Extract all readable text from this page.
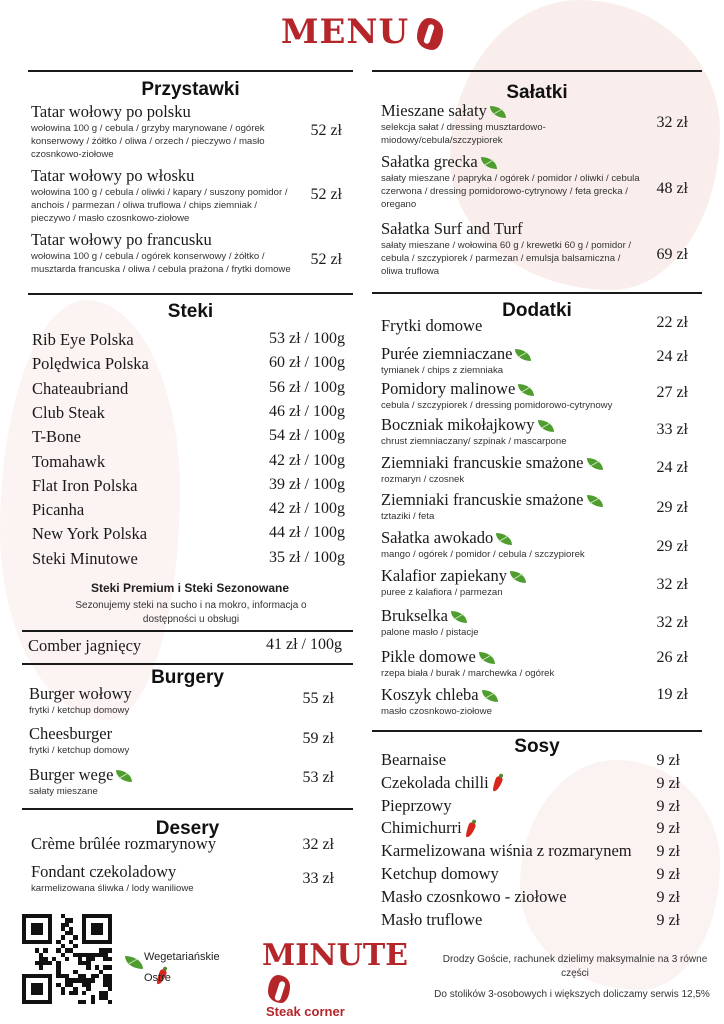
MENU
Przystawki
Tatar wołowy po polsku
wołowina 100 g / cebula / grzyby marynowane / ogórek konserwowy / żółtko / oliwa / orzech / pieczywo / masło czosnkowo-ziołowe
52 zł
Tatar wołowy po włosku
wołowina 100 g / cebula / oliwki / kapary / suszony pomidor / anchois / parmezan / oliwa truflowa / chips ziemniak / pieczywo / masło czosnkowo-ziołowe
52 zł
Tatar wołowy po francusku
wołowina 100 g / cebula / ogórek konserwowy / żółtko / musztarda francuska / oliwa / cebula prażona / frytki domowe
52 zł
Steki
Rib Eye Polska	53 zł / 100g
Polędwica Polska	60 zł / 100g
Chateaubriand	56 zł / 100g
Club Steak	46 zł / 100g
T-Bone	54 zł / 100g
Tomahawk	42 zł / 100g
Flat Iron Polska	39 zł / 100g
Picanha	42 zł / 100g
New York Polska	44 zł / 100g
Steki Minutowe	35 zł / 100g
Steki Premium i Steki Sezonowane
Sezonujemy steki na sucho i na mokro, informacja o dostępności u obsługi
Comber jagnięcy	41 zł / 100g
Burgery
Burger wołowy
frytki / ketchup domowy
55 zł
Cheesburger
frytki / ketchup domowy
59 zł
Burger wege
sałaty mieszane
53 zł
Desery
Crème brûlée rozmarynowy	32 zł
Fondant czekoladowy
karmelizowana śliwka / lody waniliowe
33 zł
Sałatki
Mieszane sałaty
selekcja sałat / dressing musztardowo-miodowy/cebula/szczypiorek
32 zł
Sałatka grecka
sałaty mieszane / papryka / ogórek / pomidor / oliwki / cebula czerwona / dressing pomidorowo-cytrynowy / feta grecka / oregano
48 zł
Sałatka Surf and Turf
sałaty mieszane / wołowina 60 g / krewetki 60 g / pomidor / cebula / szczypiorek / parmezan / emulsja balsamiczna / oliwa truflowa
69 zł
Dodatki
Frytki domowe	22 zł
Purée ziemniaczane
tymianek / chips z ziemniaka
24 zł
Pomidory malinowe
cebula / szczypiorek / dressing pomidorowo-cytrynowy
27 zł
Boczniak mikołajkowy
chrust ziemniaczany/ szpinak / mascarpone
33 zł
Ziemniaki francuskie smażone
rozmaryn / czosnek
24 zł
Ziemniaki francuskie smażone
tztaziki / feta
29 zł
Sałatka awokado
mango / ogórek / pomidor / cebula / szczypiorek	29 zł
Kalafior zapiekany
puree z kalafiora / parmezan	32 zł
Brukselka
palone masło / pistacje
32 zł
Pikle domowe
rzepa biała / burak / marchewka / ogórek
26 zł
Koszyk chleba
masło czosnkowo-ziołowe
19 zł
Sosy
Bearnaise	9 zł
Czekolada chilli	9 zł
Pieprzowy	9 zł
Chimichurri	9 zł
Karmelizowana wiśnia z rozmarynem	9 zł
Ketchup domowy	9 zł
Masło czosnkowo - ziołowe	9 zł
Masło truflowe	9 zł

Wegetariańskie
Ostre
MINUTE
Steak corner
Drodzy Goście, rachunek dzielimy maksymalnie na 3 równe części
Do stolików 3-osobowych i większych doliczamy serwis 12,5%
